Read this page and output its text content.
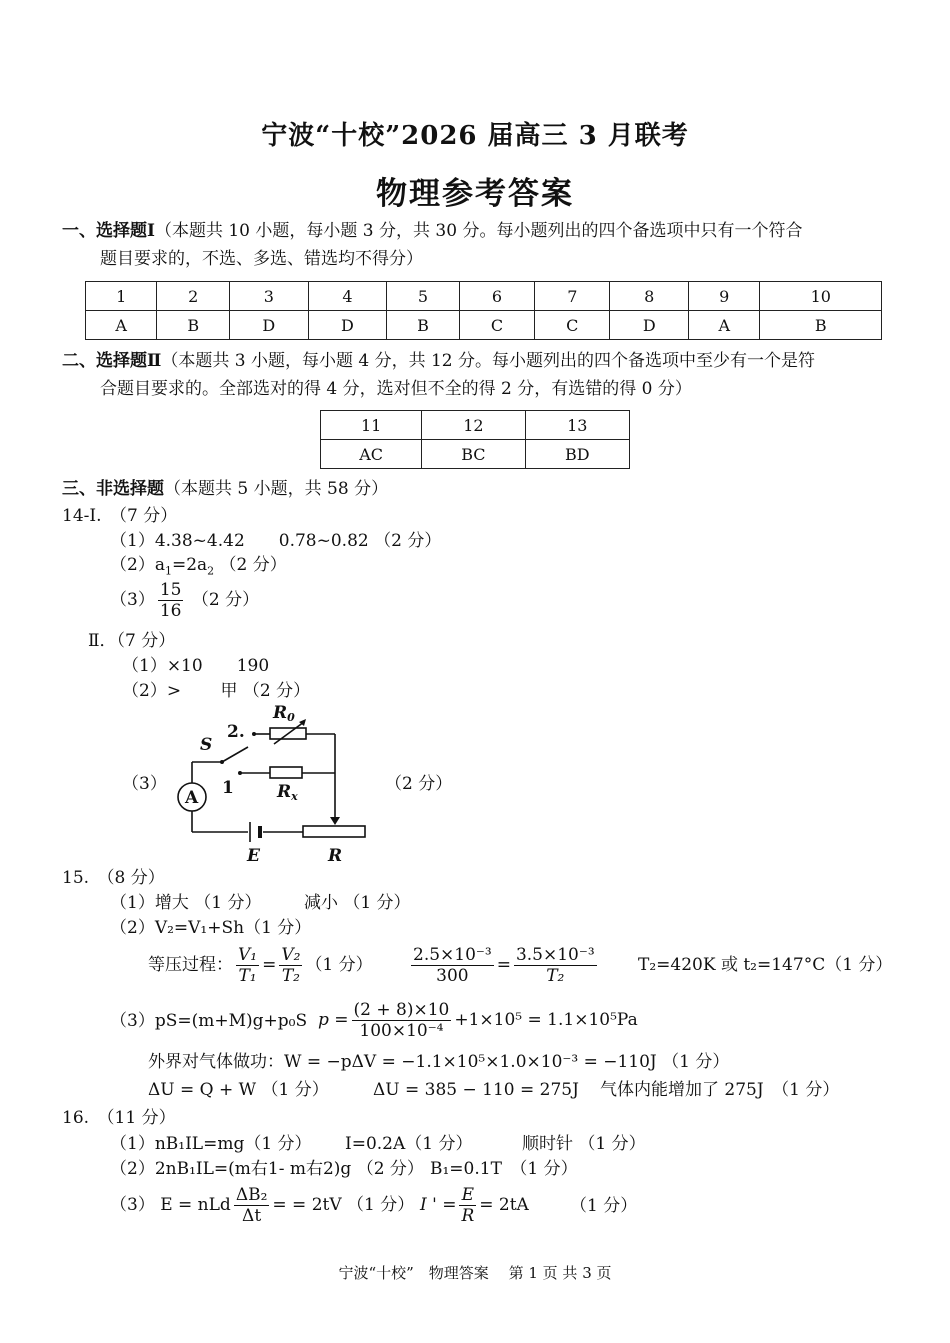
宁波“十校”2026 届高三 3 月联考
物理参考答案
一、选择题Ⅰ（本题共 10 小题，每小题 3 分，共 30 分。每小题列出的四个备选项中只有一个符合
题目要求的，不选、多选、错选均不得分）
1	2	3	4	5	6	7	8	9	10
A	B	D	D	B	C	C	D	A	B
二、选择题Ⅱ（本题共 3 小题，每小题 4 分，共 12 分。每小题列出的四个备选项中至少有一个是符
合题目要求的。全部选对的得 4 分，选对但不全的得 2 分，有选错的得 0 分）
11	12	13
AC	BC	BD
三、非选择题（本题共 5 小题，共 58 分）
14-I.　（7 分）
（1）4.38~4.42　　0.78~0.82 （2 分）
$(2)a_1=2a_2$ （2 分）
$(3) \frac{15}{16} (2$ 分）
Ⅱ．（7 分）
（1）×10　　190
（2）>　　 甲 （2 分）
（3）	（2 分）
S
2.
1
R0
Rx
A
E	R
15.　（8 分）
（1）增大 （1 分）　　　减小 （1 分）
（2）V₂=V₁+Sh（1 分）
等压过程： $\frac{\text{V₁}}{\text{T₁}} = \frac{\text{V₂}}{\text{T₂}} (1$ 分） $\frac{\text{2.5×10⁻³}}{300} = \frac{\text{3.5×10⁻³}}{\text{T₂}} T_2=420K$ 或 t₂=147°C（1 分）
（3）pS=(m+M)g+p₀S $p = \frac{(2 + 8)\times 10}{\text{100×10⁻⁴}} +1\times 10^5 = 1.1\times 10^5Pa$
外界对气体做功：W = −pΔV = −1.1×10⁵×1.0×10⁻³ = −110J （1 分）
ΔU = Q + W （1 分）	ΔU = 385 − 110 = 275J 气体内能增加了 275J　（1 分）
16.　（11 分）
（1）nB₁IL=mg（1 分） I=0.2A（1 分）	顺时针 （1 分）
（2）2nB₁IL=(m右1- m右2)g （2 分） B₁=0.1T　（1 分）
（3） E = nLd $\frac{\text{ΔB₂}}{\Delta t}$ = = 2tV （1 分） I ' = $\frac{E}{R} = 2tA$ （1 分）
宁波“十校”　物理答案　 第 1 页 共 3 页
